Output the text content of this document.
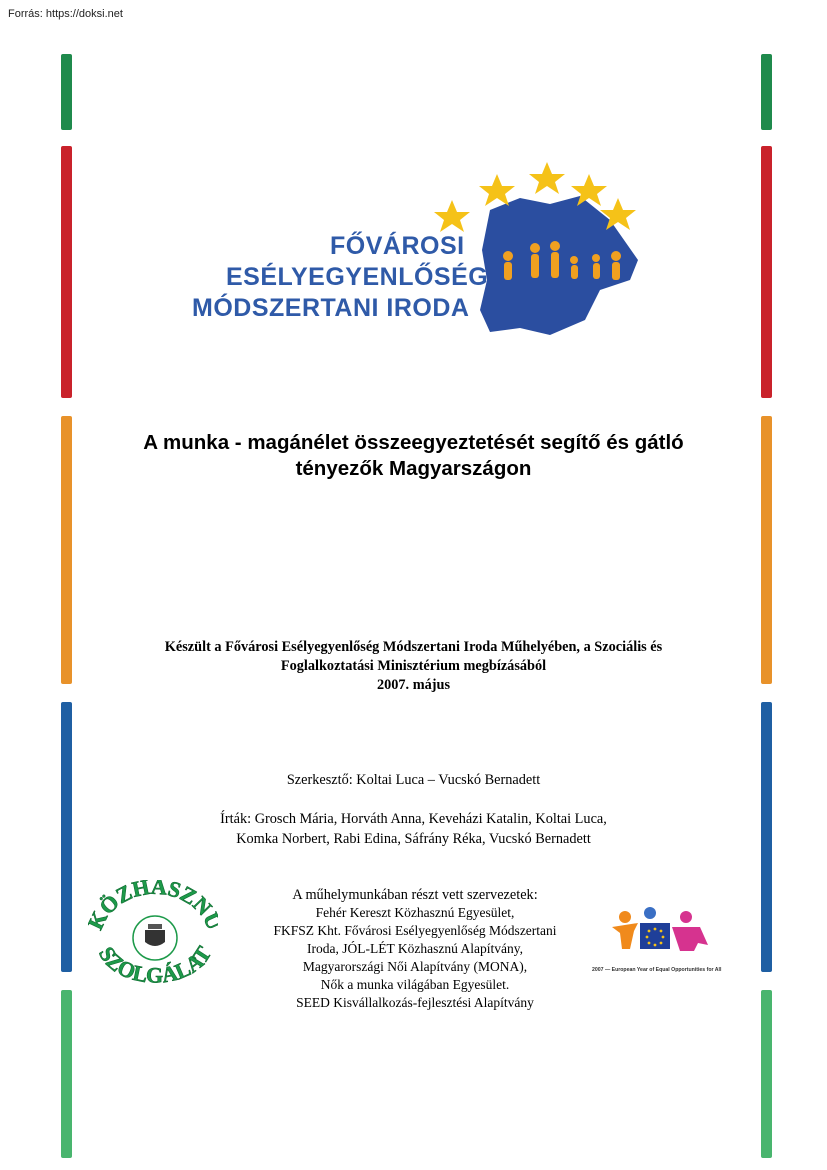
Forrás: https://doksi.net
FŐVÁROSI
ESÉLYEGYENLŐSÉG
MÓDSZERTANI IRODA
A munka - magánélet összeegyeztetését segítő és gátló
tényezők Magyarszágon
Készült a Fővárosi Esélyegyenlőség Módszertani Iroda Műhelyében, a Szociális és
Foglalkoztatási Minisztérium megbízásából
2007. május
Szerkesztő: Koltai Luca – Vucskó Bernadett
Írták: Grosch Mária, Horváth Anna, Keveházi Katalin, Koltai Luca,
Komka Norbert, Rabi Edina, Sáfrány Réka, Vucskó Bernadett
ÖZHASZN
SZOLGÁLAT
A műhelymunkában részt vett szervezetek:
Fehér Kereszt Közhasznú Egyesület,
FKFSZ Kht. Fővárosi Esélyegyenlőség Módszertani
Iroda, JÓL-LÉT Közhasznú Alapítvány,
Magyarországi Női Alapítvány (MONA),
Nők a munka világában Egyesület.
SEED Kisvállalkozás-fejlesztési Alapítvány
2007 — European Year of Equal Opportunities for All
